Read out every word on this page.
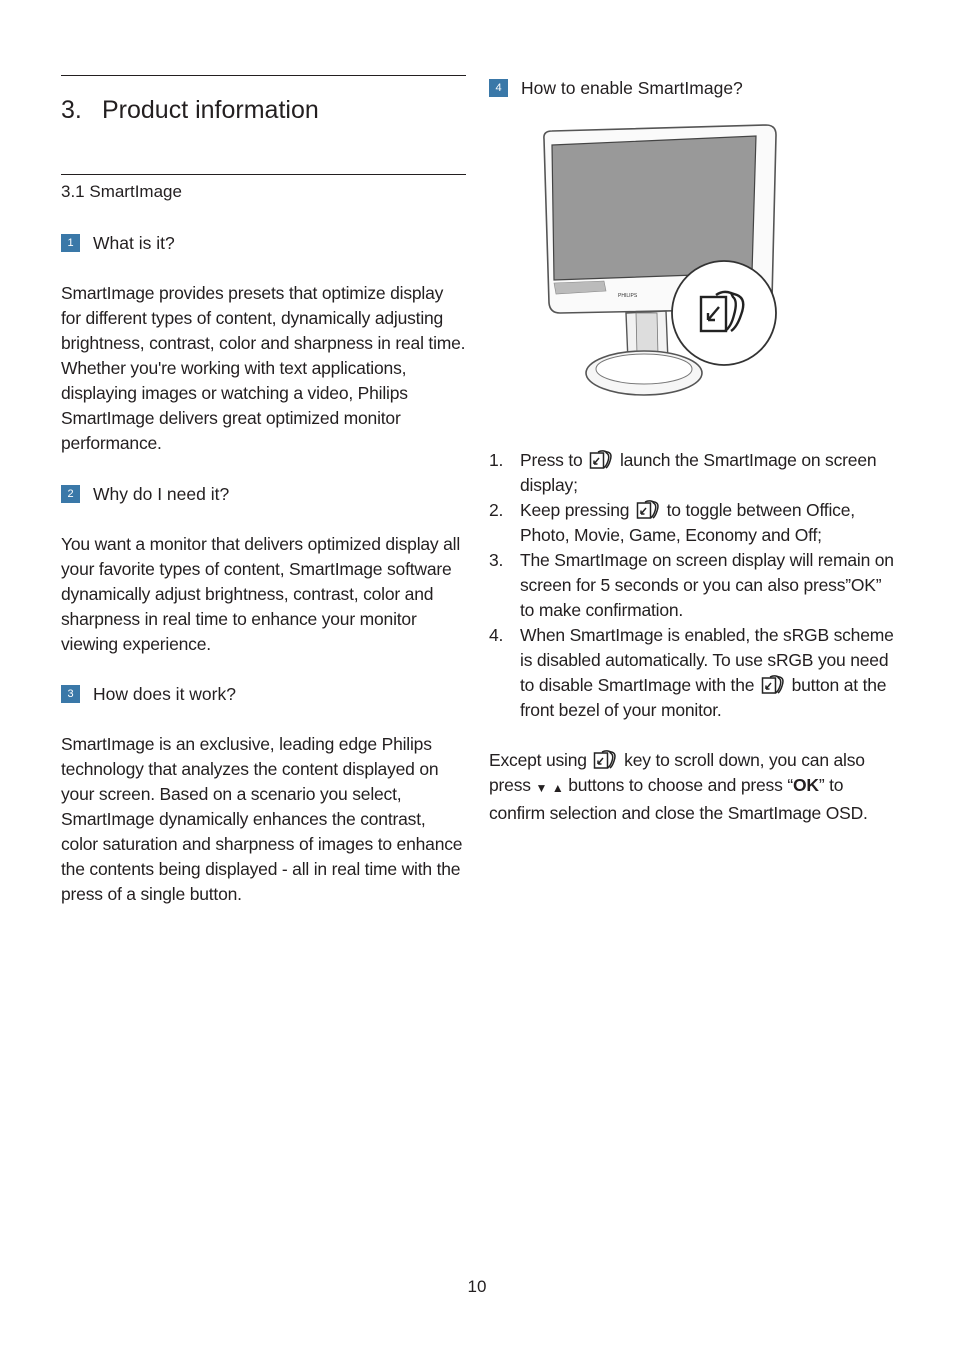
3. Product information
3.1 SmartImage
1	What is it?

SmartImage provides presets that optimize display for different types of content, dynamically adjusting brightness, contrast, color and sharpness in real time. Whether you're working with text applications, displaying images or watching a video, Philips SmartImage delivers great optimized monitor performance.

2	Why do I need it?

You want a monitor that delivers optimized display all your favorite types of content, SmartImage software dynamically adjust brightness, contrast, color and sharpness in real time to enhance your monitor viewing experience.

3	How does it work?

SmartImage is an exclusive, leading edge Philips technology that analyzes the content displayed on your screen. Based on a scenario you select, SmartImage dynamically enhances the contrast, color saturation and sharpness of images to enhance the contents being displayed - all in real time with the press of a single button.

4	How to enable SmartImage?
PHILIPS
1. Press to launch the SmartImage on screen display;
2. Keep pressing to toggle between Office, Photo, Movie, Game, Economy and Off;
3. The SmartImage on screen display will remain on screen for 5 seconds or you can also press”OK” to make confirmation.
4. When SmartImage is enabled, the sRGB scheme is disabled automatically. To use sRGB you need to disable SmartImage with the button at the front bezel of your monitor.

Except using key to scroll down, you can also press ▼ ▲ buttons to choose and press “OK” to confirm selection and close the SmartImage OSD.

10
